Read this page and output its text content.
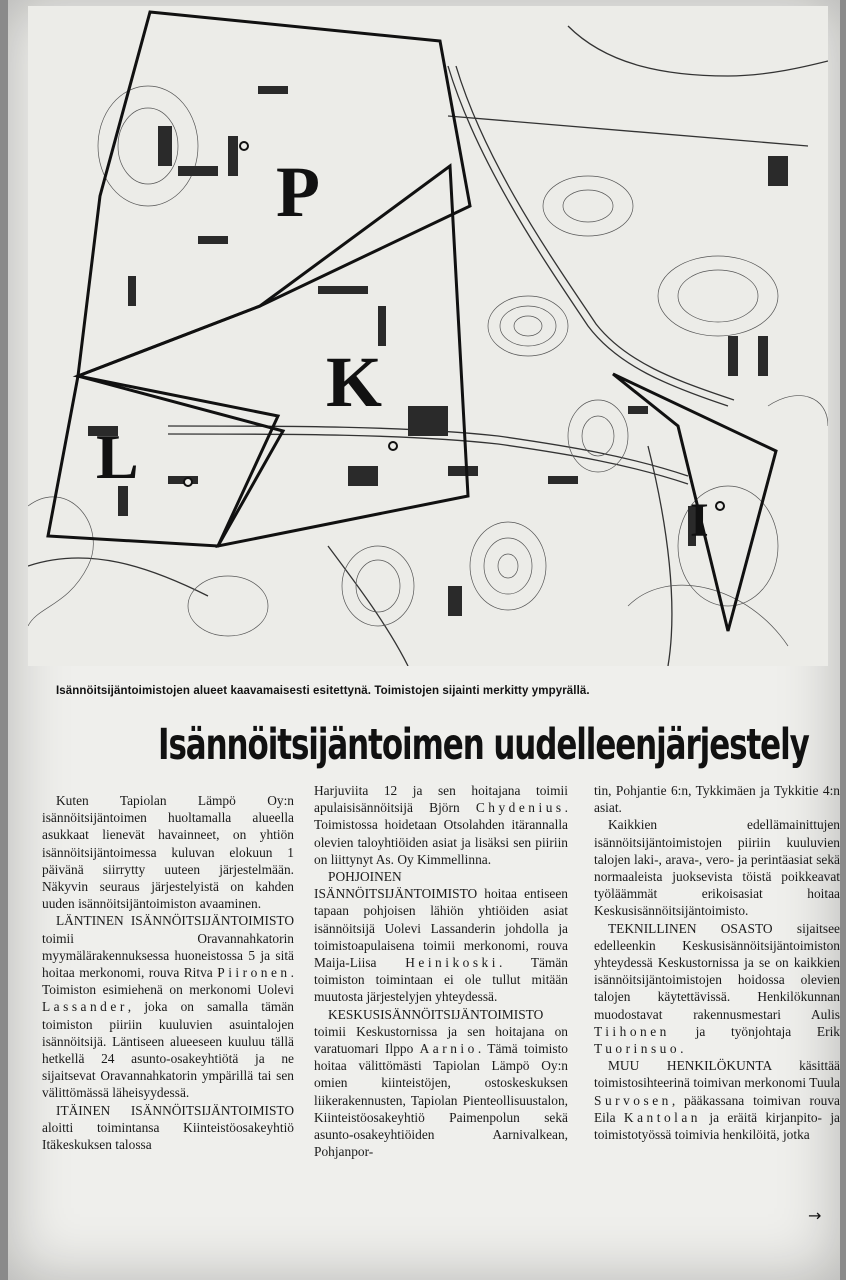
P
K
L
I
Isännöitsijäntoimistojen alueet kaavamaisesti esitettynä. Toimistojen sijainti merkitty ympyrällä.
Isännöitsijäntoimen uudelleenjärjestely

Kuten Tapiolan Lämpö Oy:n isännöitsijäntoimen huoltamalla alueella asukkaat lienevät havainneet, on yhtiön isännöitsijäntoimessa kuluvan elokuun 1 päivänä siirrytty uuteen järjestelmään. Näkyvin seuraus järjestelyistä on kahden uuden isännöitsijäntoimiston avaaminen.

LÄNTINEN ISÄNNÖITSIJÄNTOIMISTO toimii Oravannahkatorin myymälärakennuksessa huoneistossa 5 ja sitä hoitaa merkonomi, rouva Ritva Piironen. Toimiston esimiehenä on merkonomi Uolevi Lassander, joka on samalla tämän toimiston piiriin kuuluvien asuintalojen isännöitsijä. Läntiseen alueeseen kuuluu tällä hetkellä 24 asunto-osakeyhtiötä ja ne sijaitsevat Oravannahkatorin ympärillä tai sen välittömässä läheisyydessä.

ITÄINEN ISÄNNÖITSIJÄNTOIMISTO aloitti toimintansa Kiinteistöosakeyhtiö Itäkeskuksen talossa

Harjuviita 12 ja sen hoitajana toimii apulaisisännöitsijä Björn Chydenius. Toimistossa hoidetaan Otsolahden itärannalla olevien taloyhtiöiden asiat ja lisäksi sen piiriin on liittynyt As. Oy Kimmellinna.

POHJOINEN ISÄNNÖITSIJÄNTOIMISTO hoitaa entiseen tapaan pohjoisen lähiön yhtiöiden asiat isännöitsijä Uolevi Lassanderin johdolla ja toimistoapulaisena toimii merkonomi, rouva Maija-Liisa Heinikoski. Tämän toimiston toimintaan ei ole tullut mitään muutosta järjestelyjen yhteydessä.

KESKUSISÄNNÖITSIJÄNTOIMISTO toimii Keskustornissa ja sen hoitajana on varatuomari Ilppo Aarnio. Tämä toimisto hoitaa välittömästi Tapiolan Lämpö Oy:n omien kiinteistöjen, ostoskeskuksen liikerakennusten, Tapiolan Pienteollisuustalon, Kiinteistöosakeyhtiö Paimenpolun sekä asunto-osakeyhtiöiden Aarnivalkean, Pohjanpor-

tin, Pohjantie 6:n, Tykkimäen ja Tykkitie 4:n asiat.

Kaikkien edellämainittujen isännöitsijäntoimistojen piiriin kuuluvien talojen laki-, arava-, vero- ja perintäasiat sekä normaaleista juoksevista töistä poikkeavat työläämmät erikoisasiat hoitaa Keskusisännöitsijäntoimisto.

TEKNILLINEN OSASTO sijaitsee edelleenkin Keskusisännöitsijäntoimiston yhteydessä Keskustornissa ja se on kaikkien isännöitsijäntoimistojen hoidossa olevien talojen käytettävissä. Henkilökunnan muodostavat rakennusmestari Aulis Tiihonen ja työnjohtaja Erik Tuorinsuo.

MUU HENKILÖKUNTA käsittää toimistosihteerinä toimivan merkonomi Tuula Survosen, pääkassana toimivan rouva Eila Kantolan ja eräitä kirjanpito- ja toimistotyössä toimivia henkilöitä, jotka

→
